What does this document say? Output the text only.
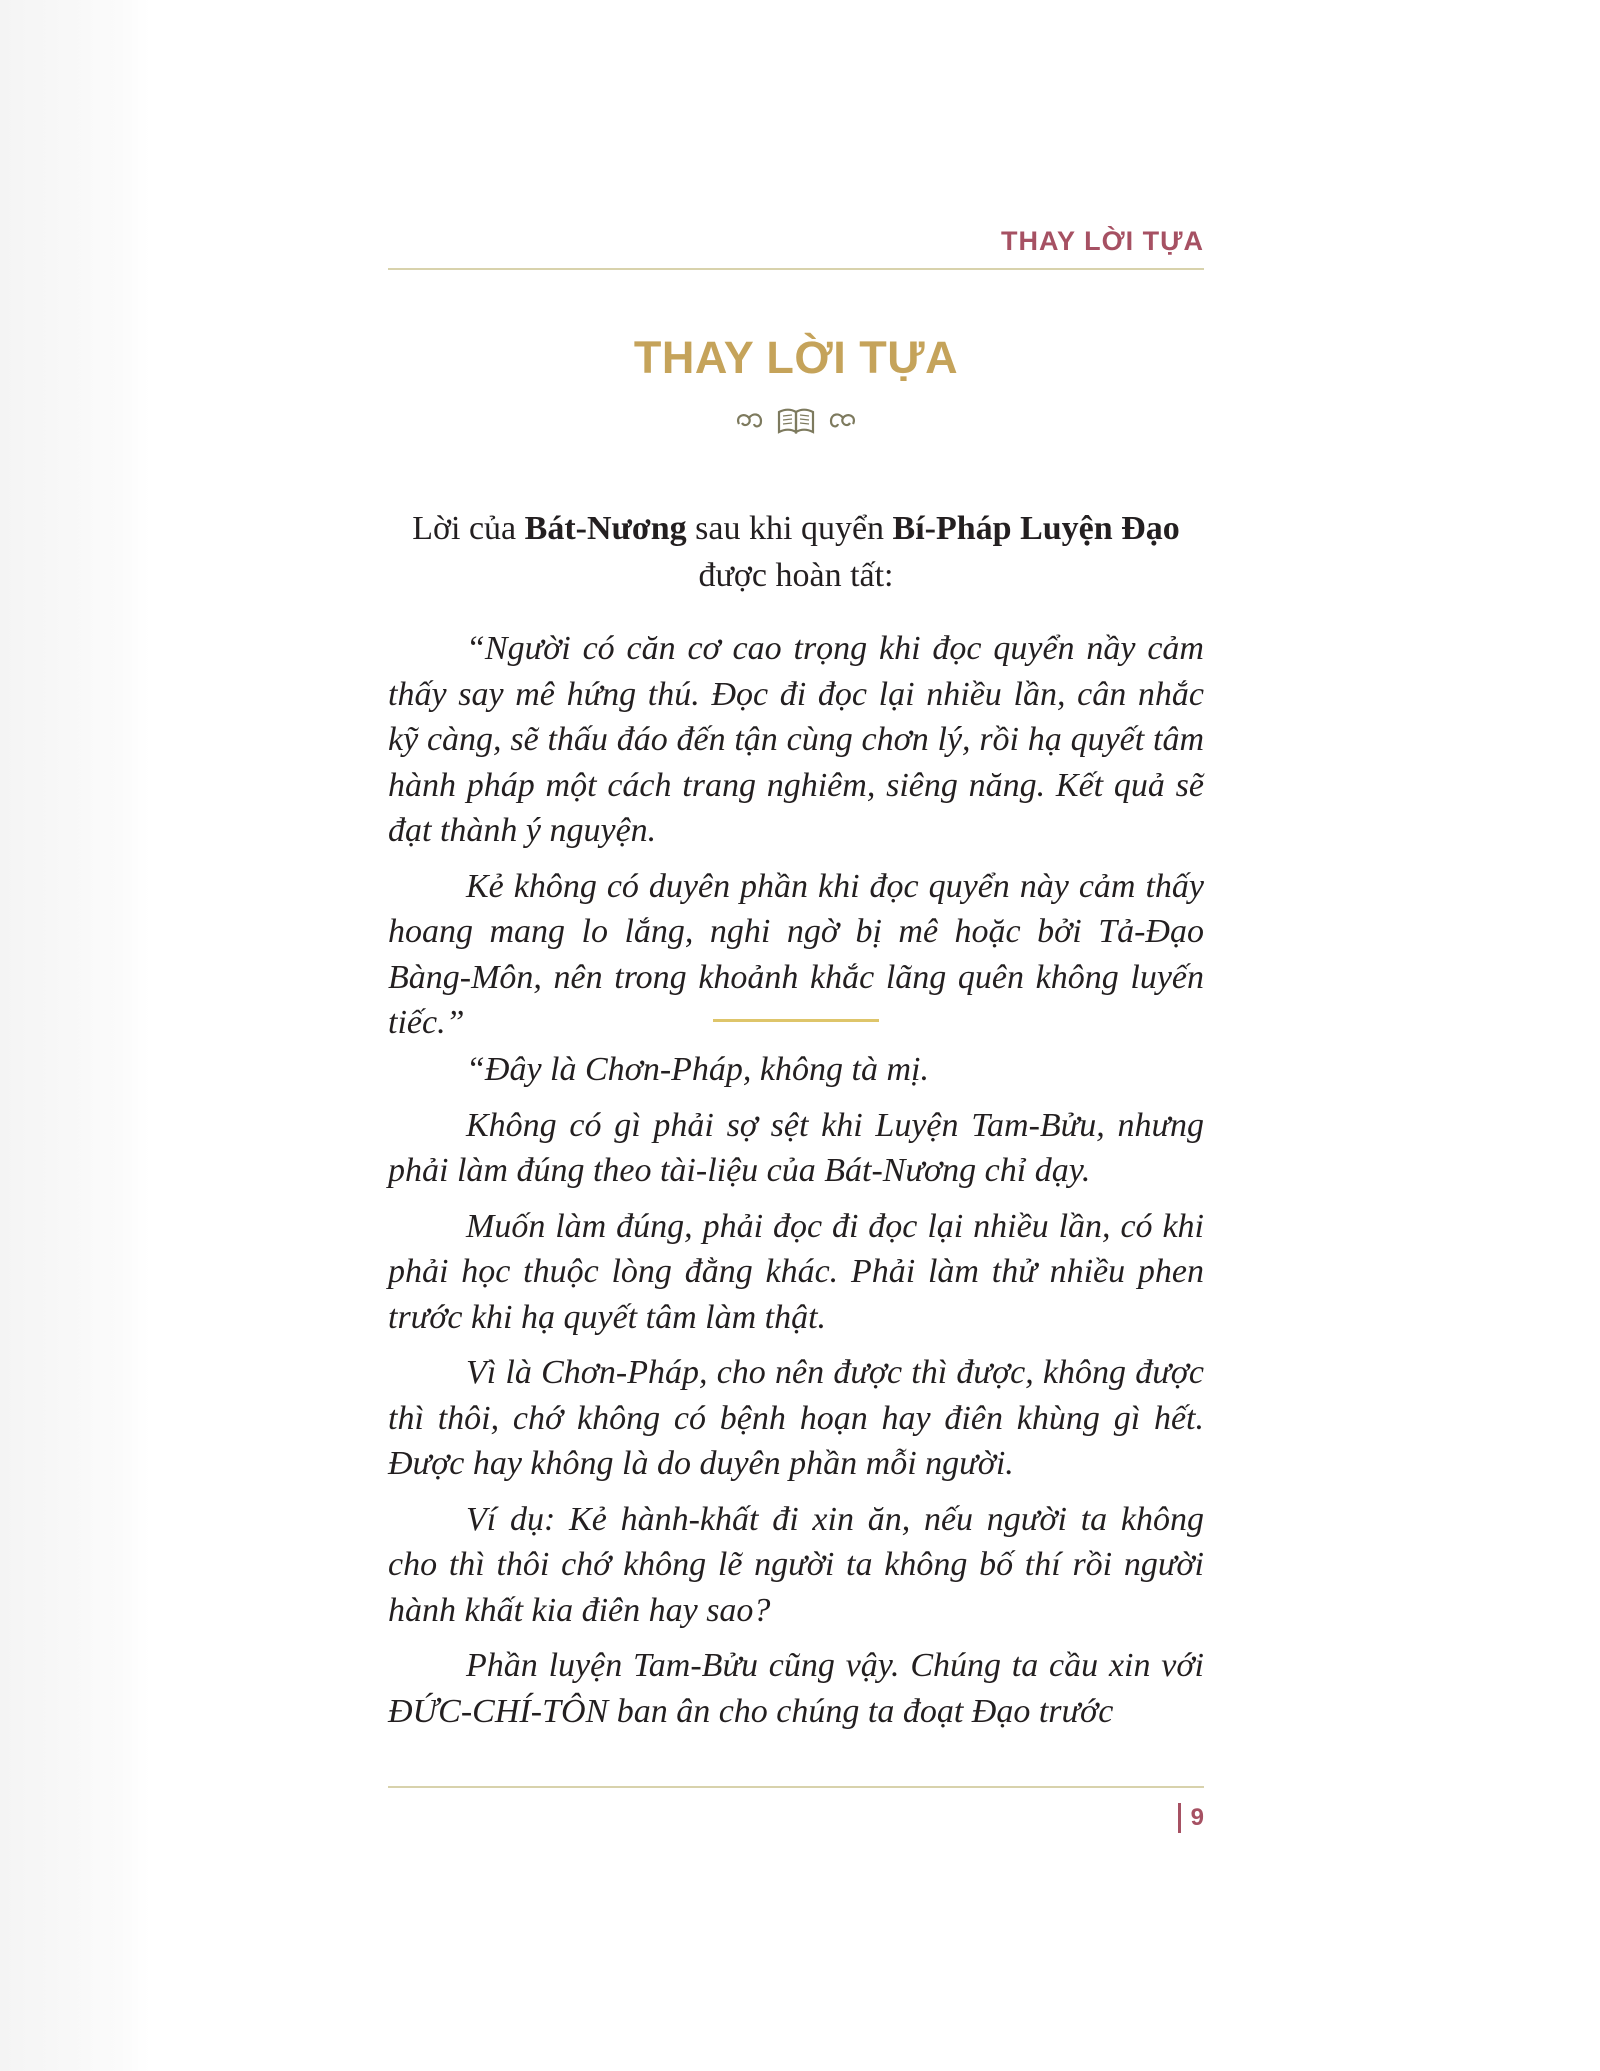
THAY LỜI TỰA
THAY LỜI TỰA
Lời của Bát-Nương sau khi quyển Bí-Pháp Luyện Đạo
được hoàn tất:

“Người có căn cơ cao trọng khi đọc quyển nầy cảm thấy say mê hứng thú. Đọc đi đọc lại nhiều lần, cân nhắc kỹ càng, sẽ thấu đáo đến tận cùng chơn lý, rồi hạ quyết tâm hành pháp một cách trang nghiêm, siêng năng. Kết quả sẽ đạt thành ý nguyện.

Kẻ không có duyên phần khi đọc quyển này cảm thấy hoang mang lo lắng, nghi ngờ bị mê hoặc bởi Tả-Đạo Bàng-Môn, nên trong khoảnh khắc lãng quên không luyến tiếc.”

“Đây là Chơn-Pháp, không tà mị.

Không có gì phải sợ sệt khi Luyện Tam-Bửu, nhưng phải làm đúng theo tài-liệu của Bát-Nương chỉ dạy.

Muốn làm đúng, phải đọc đi đọc lại nhiều lần, có khi phải học thuộc lòng đằng khác. Phải làm thử nhiều phen trước khi hạ quyết tâm làm thật.

Vì là Chơn-Pháp, cho nên được thì được, không được thì thôi, chớ không có bệnh hoạn hay điên khùng gì hết. Được hay không là do duyên phần mỗi người.

Ví dụ: Kẻ hành-khất đi xin ăn, nếu người ta không cho thì thôi chớ không lẽ người ta không bố thí rồi người hành khất kia điên hay sao?

Phần luyện Tam-Bửu cũng vậy. Chúng ta cầu xin với ĐỨC-CHÍ-TÔN ban ân cho chúng ta đoạt Đạo trước

9
